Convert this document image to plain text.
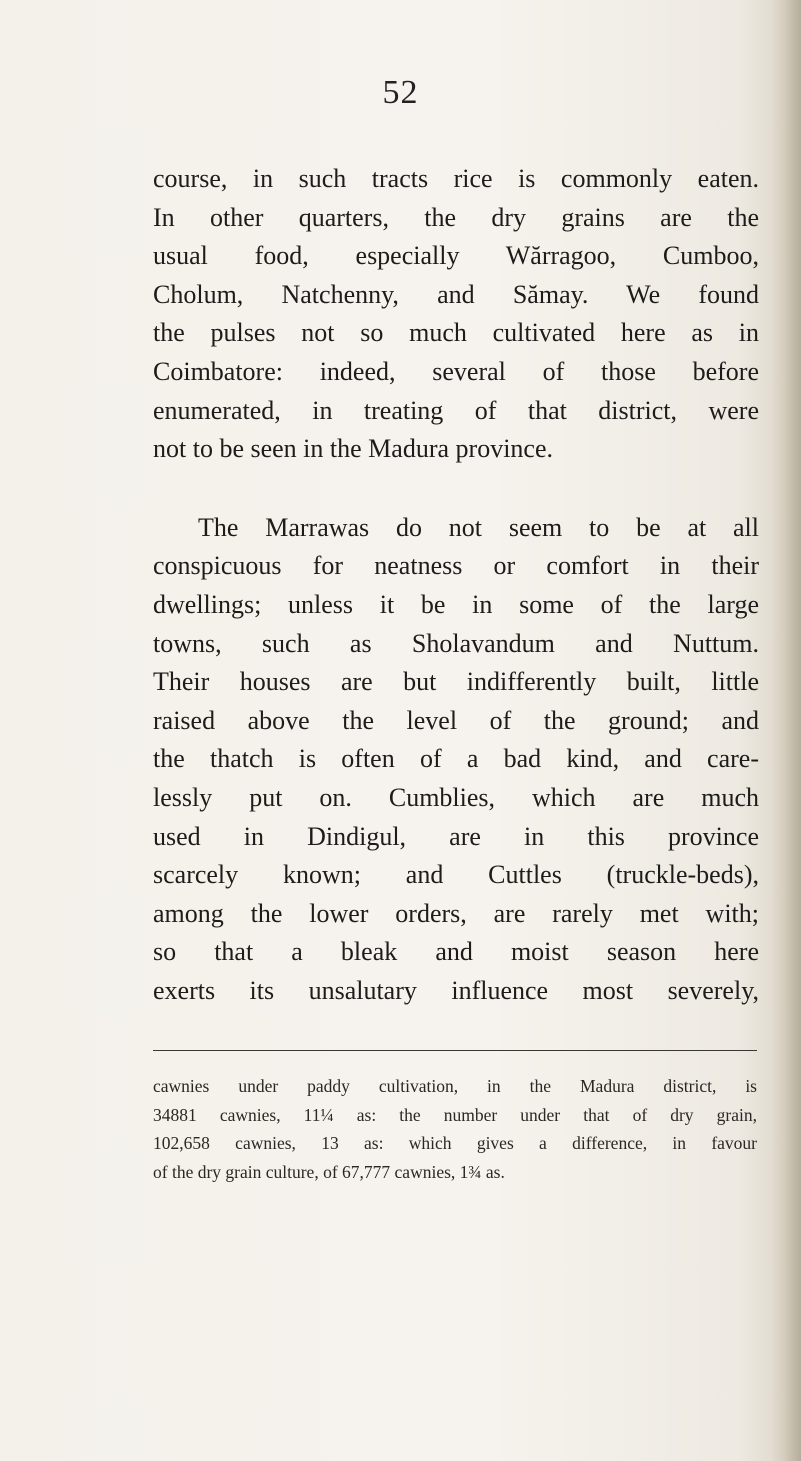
52
course, in such tracts rice is commonly eaten.
In other quarters, the dry grains are the
usual food, especially Wărragoo, Cumboo,
Cholum, Natchenny, and Sămay. We found
the pulses not so much cultivated here as in
Coimbatore: indeed, several of those before
enumerated, in treating of that district, were
not to be seen in the Madura province.
The Marrawas do not seem to be at all
conspicuous for neatness or comfort in their
dwellings; unless it be in some of the large
towns, such as Sholavandum and Nuttum.
Their houses are but indifferently built, little
raised above the level of the ground; and
the thatch is often of a bad kind, and care-
lessly put on. Cumblies, which are much
used in Dindigul, are in this province
scarcely known; and Cuttles (truckle-beds),
among the lower orders, are rarely met with;
so that a bleak and moist season here
exerts its unsalutary influence most severely,
cawnies under paddy cultivation, in the Madura district, is
34881 cawnies, 11¼ as: the number under that of dry grain,
102,658 cawnies, 13 as: which gives a difference, in favour
of the dry grain culture, of 67,777 cawnies, 1¾ as.
